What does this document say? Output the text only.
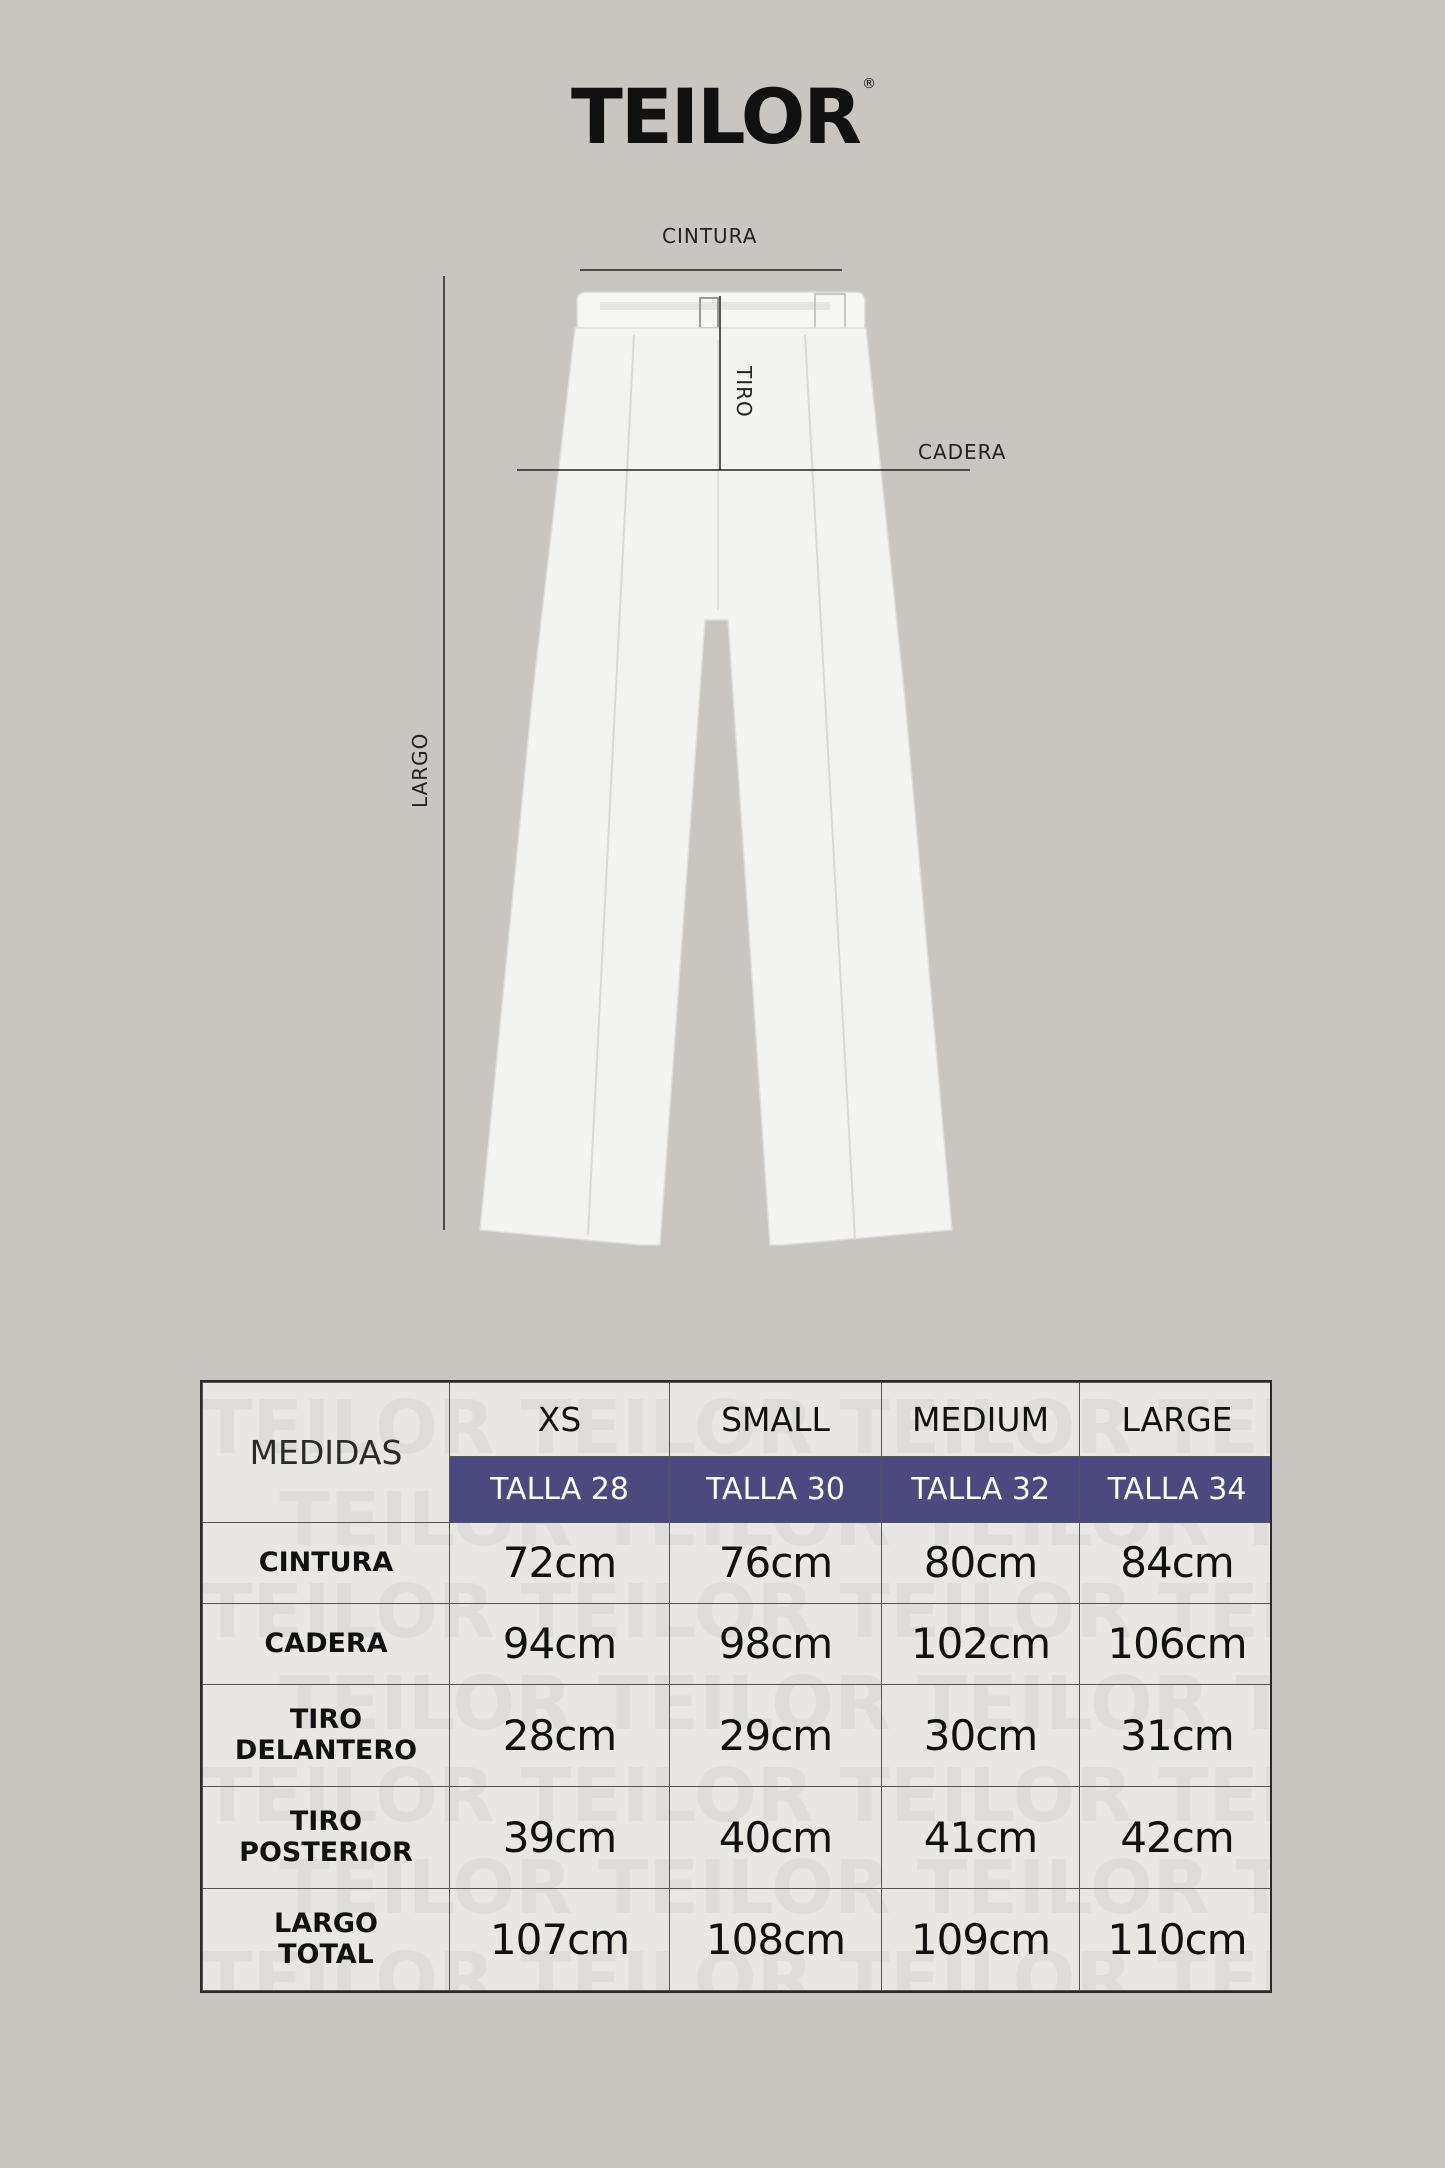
TEILOR ®
CINTURA
TIRO
CADERA
LARGO
MEDIDAS	XS	SMALL	MEDIUM	LARGE
	TALLA 28	TALLA 30	TALLA 32	TALLA 34
CINTURA	72cm	76cm	80cm	84cm
CADERA	94cm	98cm	102cm	106cm
TIRO
DELANTERO	28cm	29cm	30cm	31cm
TIRO
POSTERIOR	39cm	40cm	41cm	42cm
LARGO
TOTAL	107cm	108cm	109cm	110cm
